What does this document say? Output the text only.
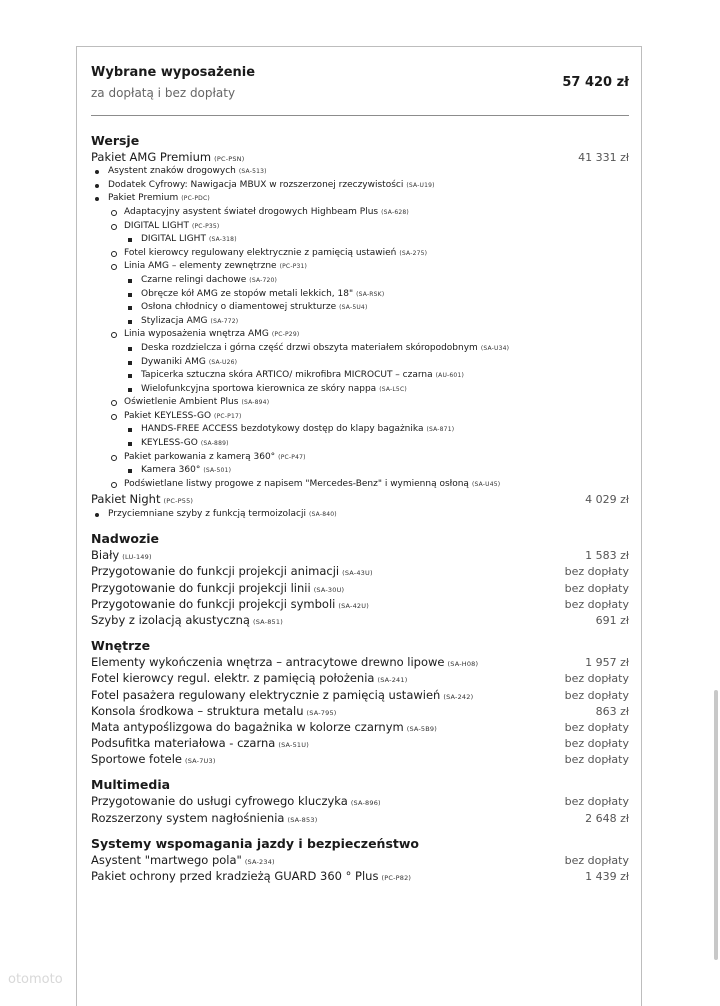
Wybrane wyposażenie
za dopłatą i bez dopłaty
57 420 zł
Wersje
Pakiet AMG Premium (PC-PSN)	41 331 zł
Asystent znaków drogowych (SA-513)
Dodatek Cyfrowy: Nawigacja MBUX w rozszerzonej rzeczywistości (SA-U19)
Pakiet Premium (PC-PDC)
Adaptacyjny asystent świateł drogowych Highbeam Plus (SA-628)
DIGITAL LIGHT (PC-P35)
DIGITAL LIGHT (SA-318)
Fotel kierowcy regulowany elektrycznie z pamięcią ustawień (SA-275)
Linia AMG – elementy zewnętrzne (PC-P31)
Czarne relingi dachowe (SA-720)
Obręcze kół AMG ze stopów metali lekkich, 18" (SA-RSK)
Osłona chłodnicy o diamentowej strukturze (SA-5U4)
Stylizacja AMG (SA-772)
Linia wyposażenia wnętrza AMG (PC-P29)
Deska rozdzielcza i górna część drzwi obszyta materiałem skóropodobnym (SA-U34)
Dywaniki AMG (SA-U26)
Tapicerka sztuczna skóra ARTICO/ mikrofibra MICROCUT – czarna (AU-601)
Wielofunkcyjna sportowa kierownica ze skóry nappa (SA-L5C)
Oświetlenie Ambient Plus (SA-894)
Pakiet KEYLESS-GO (PC-P17)
HANDS-FREE ACCESS bezdotykowy dostęp do klapy bagażnika (SA-871)
KEYLESS-GO (SA-889)
Pakiet parkowania z kamerą 360° (PC-P47)
Kamera 360° (SA-501)
Podświetlane listwy progowe z napisem "Mercedes-Benz" i wymienną osłoną (SA-U45)
Pakiet Night (PC-P55)	4 029 zł
Przyciemniane szyby z funkcją termoizolacji (SA-840)
Nadwozie
Biały (LU-149)	1 583 zł
Przygotowanie do funkcji projekcji animacji (SA-43U)	bez dopłaty
Przygotowanie do funkcji projekcji linii (SA-30U)	bez dopłaty
Przygotowanie do funkcji projekcji symboli (SA-42U)	bez dopłaty
Szyby z izolacją akustyczną (SA-851)	691 zł
Wnętrze
Elementy wykończenia wnętrza – antracytowe drewno lipowe (SA-H08)	1 957 zł
Fotel kierowcy regul. elektr. z pamięcią położenia (SA-241)	bez dopłaty
Fotel pasażera regulowany elektrycznie z pamięcią ustawień (SA-242)	bez dopłaty
Konsola środkowa – struktura metalu (SA-795)	863 zł
Mata antypoślizgowa do bagażnika w kolorze czarnym (SA-5B9)	bez dopłaty
Podsufitka materiałowa - czarna (SA-51U)	bez dopłaty
Sportowe fotele (SA-7U3)	bez dopłaty
Multimedia
Przygotowanie do usługi cyfrowego kluczyka (SA-896)	bez dopłaty
Rozszerzony system nagłośnienia (SA-853)	2 648 zł
Systemy wspomagania jazdy i bezpieczeństwo
Asystent "martwego pola" (SA-234)	bez dopłaty
Pakiet ochrony przed kradzieżą GUARD 360 ° Plus (PC-P82)	1 439 zł
otomoto
